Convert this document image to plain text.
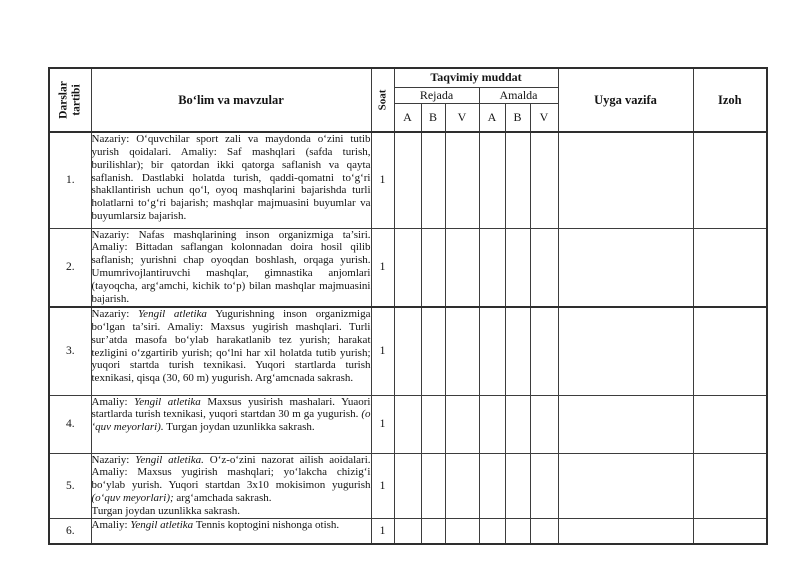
Darslar tartibi	Bo‘lim va mavzular	Soat	Taqvimiy muddat						Uyga vazifa	Izoh
			Rejada			Amalda				
			A	B	V	A	B	V		
1.	Nazariy: O‘quvchilar sport zali va maydonda o‘zini tutib yurish qoidalari. Amaliy: Saf mashqlari (safda turish, burilishlar); bir qatordan ikki qatorga saflanish va qayta saflanish. Dastlabki holatda turish, qaddi-qomatni to‘g‘ri shakllantirish uchun qo‘l, oyoq mashqlarini bajarishda turli holatlarni to‘g‘ri bajarish; mashqlar majmuasini buyumlar va buyumlarsiz bajarish.	1								
2.	Nazariy: Nafas mashqlarining inson organizmiga ta’siri. Amaliy: Bittadan saflangan kolonnadan doira hosil qilib saflanish; yurishni chap oyoqdan boshlash, orqaga yurish. Umumrivojlantiruvchi mashqlar, gimnastika anjomlari (tayoqcha, arg‘amchi, kichik to‘p) bilan mashqlar majmuasini bajarish.	1								
3.	Nazariy: Yengil atletika Yugurishning inson organizmiga bo‘lgan ta’siri. Amaliy: Maxsus yugirish mashqlari. Turli sur’atda masofa bo‘ylab harakatlanib tez yurish; harakat tezligini o‘zgartirib yurish; qo‘lni har xil holatda tutib yurish; yuqori startda turish texnikasi. Yuqori startlarda turish texnikasi, qisqa (30, 60 m) yugurish. Arg‘amcnada sakrash.	1								
4.	Amaliy: Yengil atletika Maxsus yusirish mashalari. Yuaori startlarda turish texnikasi, yuqori startdan 30 m ga yugurish. (o ‘quv meyorlari). Turgan joydan uzunlikka sakrash.	1								
5.	Nazariy: Yengil atletika. O‘z-o‘zini nazorat ailish aoidalari. Amaliy: Maxsus yugirish mashqlari; yo‘lakcha chizig‘i bo‘ylab yurish. Yuqori startdan 3x10 mokisimon yugurish (o‘quv meyorlari); arg‘amchada sakrash.
Turgan joydan uzunlikka sakrash.	1								
6.	Amaliy: Yengil atletika Tennis koptogini nishonga otish.	1								
